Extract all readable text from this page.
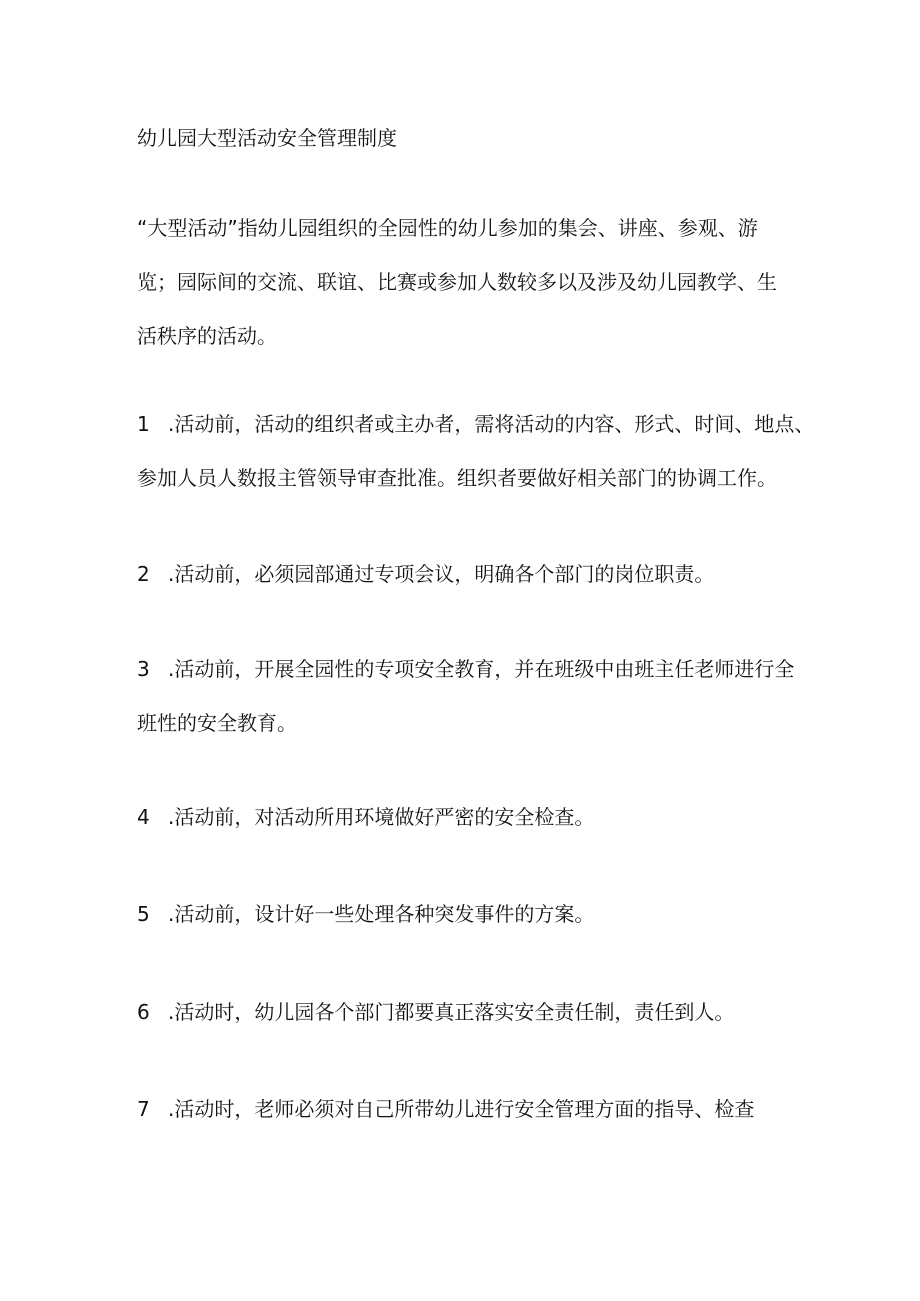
幼儿园大型活动安全管理制度
“大型活动”指幼儿园组织的全园性的幼儿参加的集会、讲座、参观、游
览；园际间的交流、联谊、比赛或参加人数较多以及涉及幼儿园教学、生
活秩序的活动。
1 .活动前，活动的组织者或主办者，需将活动的内容、形式、时间、地点、
参加人员人数报主管领导审查批准。组织者要做好相关部门的协调工作。
2 .活动前，必须园部通过专项会议，明确各个部门的岗位职责。
3 .活动前，开展全园性的专项安全教育，并在班级中由班主任老师进行全
班性的安全教育。
4 .活动前，对活动所用环境做好严密的安全检查。
5 .活动前，设计好一些处理各种突发事件的方案。
6 .活动时，幼儿园各个部门都要真正落实安全责任制，责任到人。
7 .活动时，老师必须对自己所带幼儿进行安全管理方面的指导、检查
